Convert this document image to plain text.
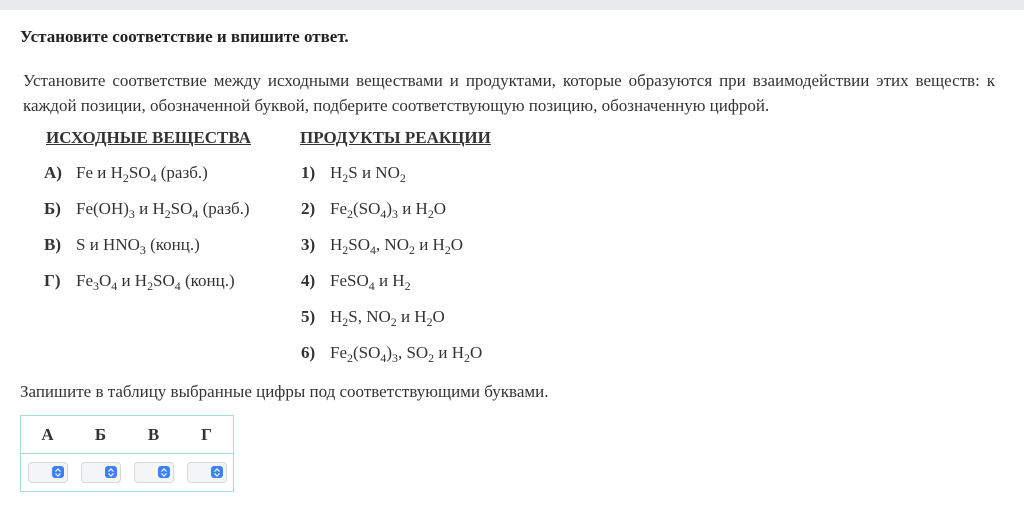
Установите соответствие и впишите ответ.
Установите соответствие между исходными веществами и продуктами, которые образуются при взаимодействии этих веществ: к каждой позиции, обозначенной буквой, подберите соответствующую позицию, обозначенную цифрой.
ИСХОДНЫЕ ВЕЩЕСТВА	ПРОДУКТЫ РЕАКЦИИ
А) Fe и $H_2SO_4$ (разб.)
Б) $Fe(OH)_3$ и $H_2SO_4$ (разб.)
В) S и $HNO_3$ (конц.)
Г) $Fe_3O_4$ и $H_2SO_4$ (конц.)
1) $H_2S$ и $NO_2$
2) $Fe_2(SO_4)_3$ и $H_2O$
3) $H_2SO_4$, $NO_2$ и $H_2O$
4) FeSO$_4$ и $H_2$
5) $H_2S$, $NO_2$ и $H_2O$
6) $Fe_2(SO_4)_3$, $SO_2$ и $H_2O$
Запишите в таблицу выбранные цифры под соответствующими буквами.
А	Б	В	Г
